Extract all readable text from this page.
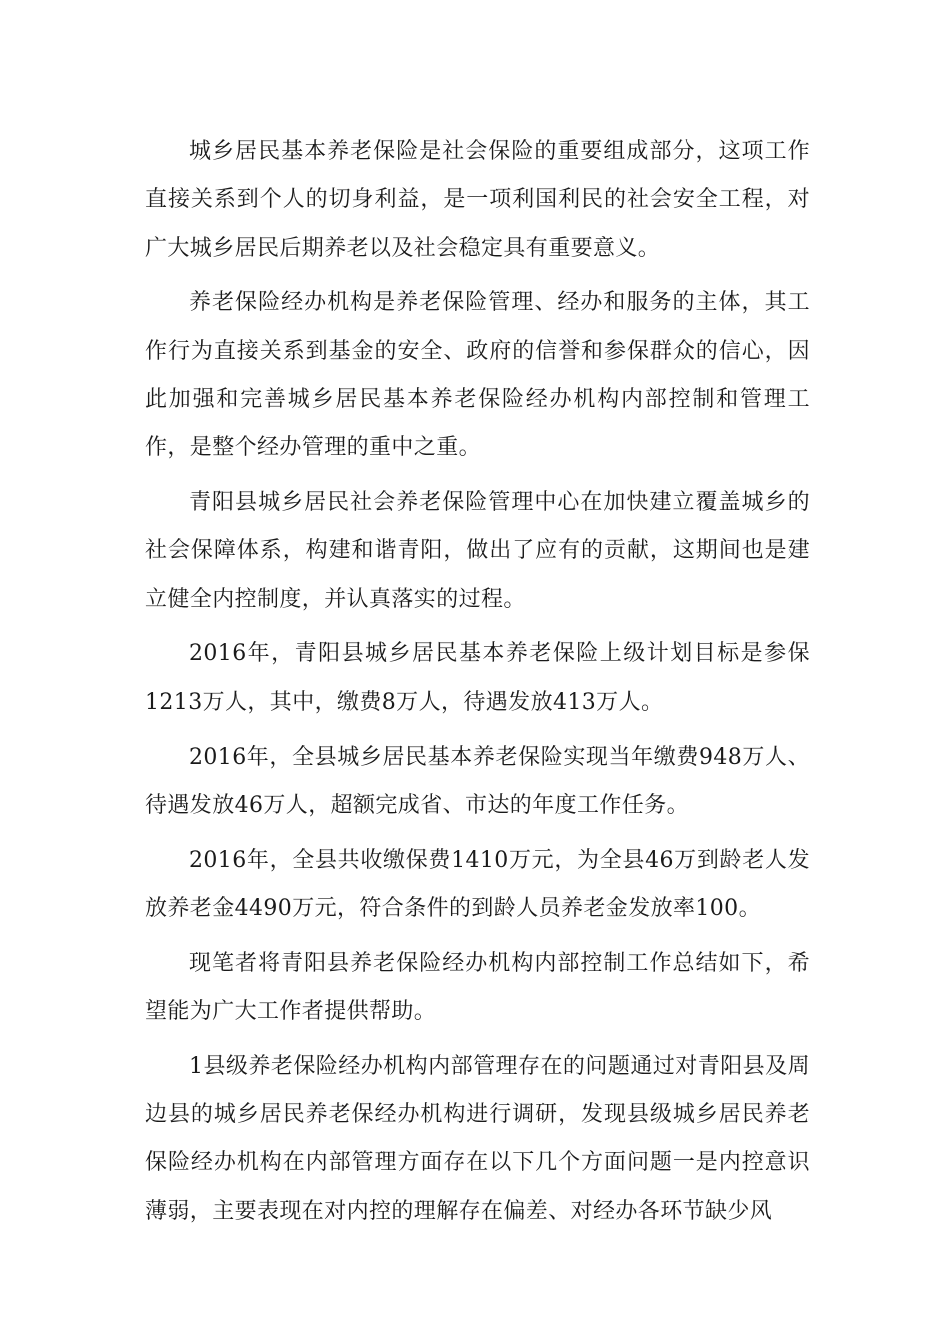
城乡居民基本养老保险是社会保险的重要组成部分，这项工作直接关系到个人的切身利益，是一项利国利民的社会安全工程，对广大城乡居民后期养老以及社会稳定具有重要意义。

养老保险经办机构是养老保险管理、经办和服务的主体，其工作行为直接关系到基金的安全、政府的信誉和参保群众的信心，因此加强和完善城乡居民基本养老保险经办机构内部控制和管理工作，是整个经办管理的重中之重。

青阳县城乡居民社会养老保险管理中心在加快建立覆盖城乡的社会保障体系，构建和谐青阳，做出了应有的贡献，这期间也是建立健全内控制度，并认真落实的过程。

2016年，青阳县城乡居民基本养老保险上级计划目标是参保1213万人，其中，缴费8万人，待遇发放413万人。

2016年，全县城乡居民基本养老保险实现当年缴费948万人、待遇发放46万人，超额完成省、市达的年度工作任务。

2016年，全县共收缴保费1410万元，为全县46万到龄老人发放养老金4490万元，符合条件的到龄人员养老金发放率100。

现笔者将青阳县养老保险经办机构内部控制工作总结如下，希望能为广大工作者提供帮助。

1县级养老保险经办机构内部管理存在的问题通过对青阳县及周边县的城乡居民养老保经办机构进行调研，发现县级城乡居民养老保险经办机构在内部管理方面存在以下几个方面问题一是内控意识薄弱，主要表现在对内控的理解存在偏差、对经办各环节缺少风
